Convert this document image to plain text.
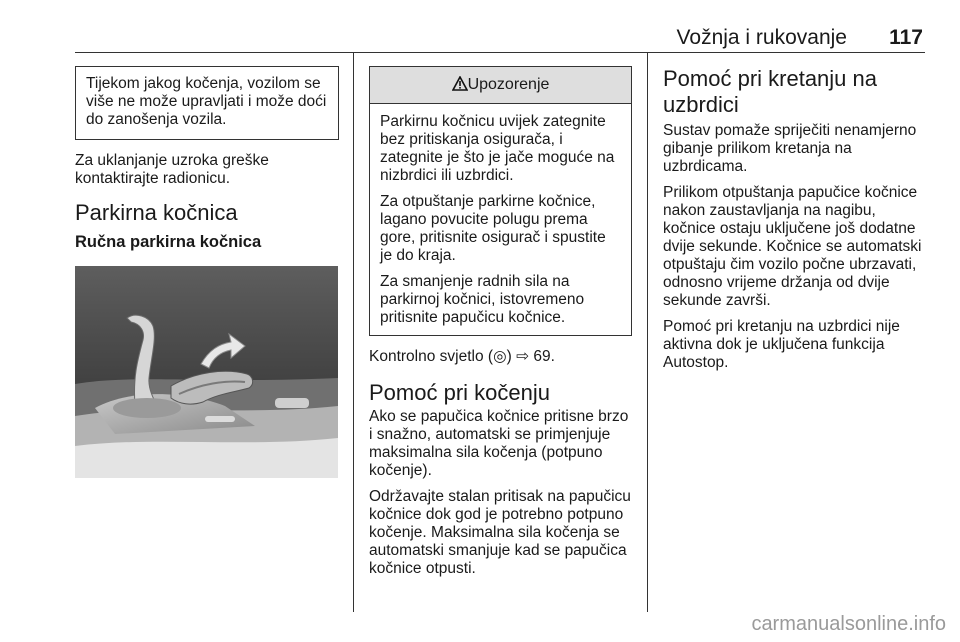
Vožnja i rukovanje 117
Tijekom jakog kočenja, vozilom se više ne može upravljati i može doći do zanošenja vozila.

Za uklanjanje uzroka greške kontaktirajte radionicu.

Parkirna kočnica
Ručna parkirna kočnica
Upozorenje

Parkirnu kočnicu uvijek zategnite bez pritiskanja osigurača, i zategnite je što je jače moguće na nizbrdici ili uzbrdici.

Za otpuštanje parkirne kočnice, lagano povucite polugu prema gore, pritisnite osigurač i spustite je do kraja.

Za smanjenje radnih sila na parkirnoj kočnici, istovremeno pritisnite papučicu kočnice.

Kontrolno svjetlo (◎) ⇨ 69.

Pomoć pri kočenju

Ako se papučica kočnice pritisne brzo i snažno, automatski se primjenjuje maksimalna sila kočenja (potpuno kočenje).

Održavajte stalan pritisak na papučicu kočnice dok god je potrebno potpuno kočenje. Maksimalna sila kočenja se automatski smanjuje kad se papučica kočnice otpusti.

Pomoć pri kretanju na uzbrdici

Sustav pomaže spriječiti nenamjerno gibanje prilikom kretanja na uzbrdicama.

Prilikom otpuštanja papučice kočnice nakon zaustavljanja na nagibu, kočnice ostaju uključene još dodatne dvije sekunde. Kočnice se automatski otpuštaju čim vozilo počne ubrzavati, odnosno vrijeme držanja od dvije sekunde završi.

Pomoć pri kretanju na uzbrdici nije aktivna dok je uključena funkcija Autostop.

carmanualsonline.info
